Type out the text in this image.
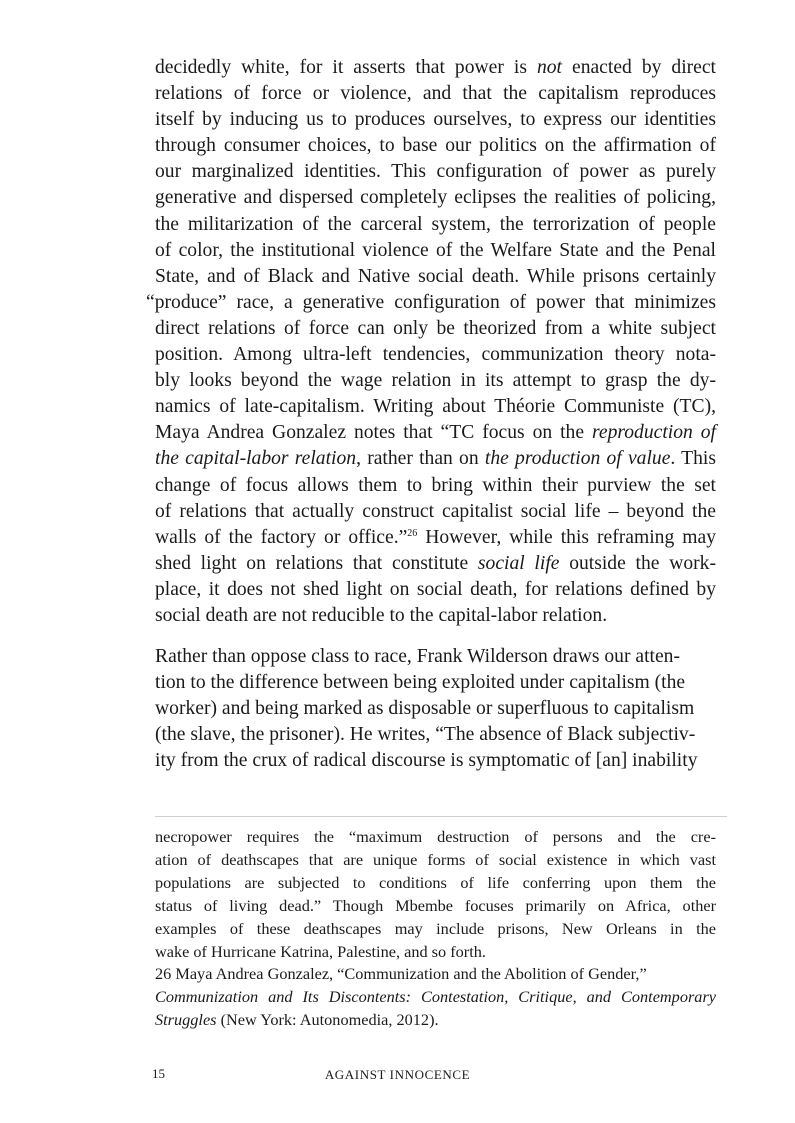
decidedly white, for it asserts that power is not enacted by direct
relations of force or violence, and that the capitalism reproduces
itself by inducing us to produces ourselves, to express our identities
through consumer choices, to base our politics on the affirmation of
our marginalized identities. This configuration of power as purely
generative and dispersed completely eclipses the realities of policing,
the militarization of the carceral system, the terrorization of people
of color, the institutional violence of the Welfare State and the Penal
State, and of Black and Native social death. While prisons certainly
“produce” race, a generative configuration of power that minimizes
direct relations of force can only be theorized from a white subject
position. Among ultra-left tendencies, communization theory nota-
bly looks beyond the wage relation in its attempt to grasp the dy-
namics of late-capitalism. Writing about Théorie Communiste (TC),
Maya Andrea Gonzalez notes that “TC focus on the reproduction of
the capital-labor relation, rather than on the production of value. This
change of focus allows them to bring within their purview the set
of relations that actually construct capitalist social life – beyond the
walls of the factory or office.”$^{26}$ However, while this reframing may
shed light on relations that constitute social life outside the work-
place, it does not shed light on social death, for relations defined by
social death are not reducible to the capital-labor relation.
Rather than oppose class to race, Frank Wilderson draws our atten-
tion to the difference between being exploited under capitalism (the
worker) and being marked as disposable or superfluous to capitalism
(the slave, the prisoner). He writes, “The absence of Black subjectiv-
ity from the crux of radical discourse is symptomatic of [an] inability
necropower requires the “maximum destruction of persons and the cre-
ation of deathscapes that are unique forms of social existence in which vast
populations are subjected to conditions of life conferring upon them the
status of living dead.” Though Mbembe focuses primarily on Africa, other
examples of these deathscapes may include prisons, New Orleans in the
wake of Hurricane Katrina, Palestine, and so forth.
26 Maya Andrea Gonzalez, “Communization and the Abolition of Gender,”
Communization and Its Discontents: Contestation, Critique, and Contemporary
Struggles (New York: Autonomedia, 2012).
15	AGAINST INNOCENCE
